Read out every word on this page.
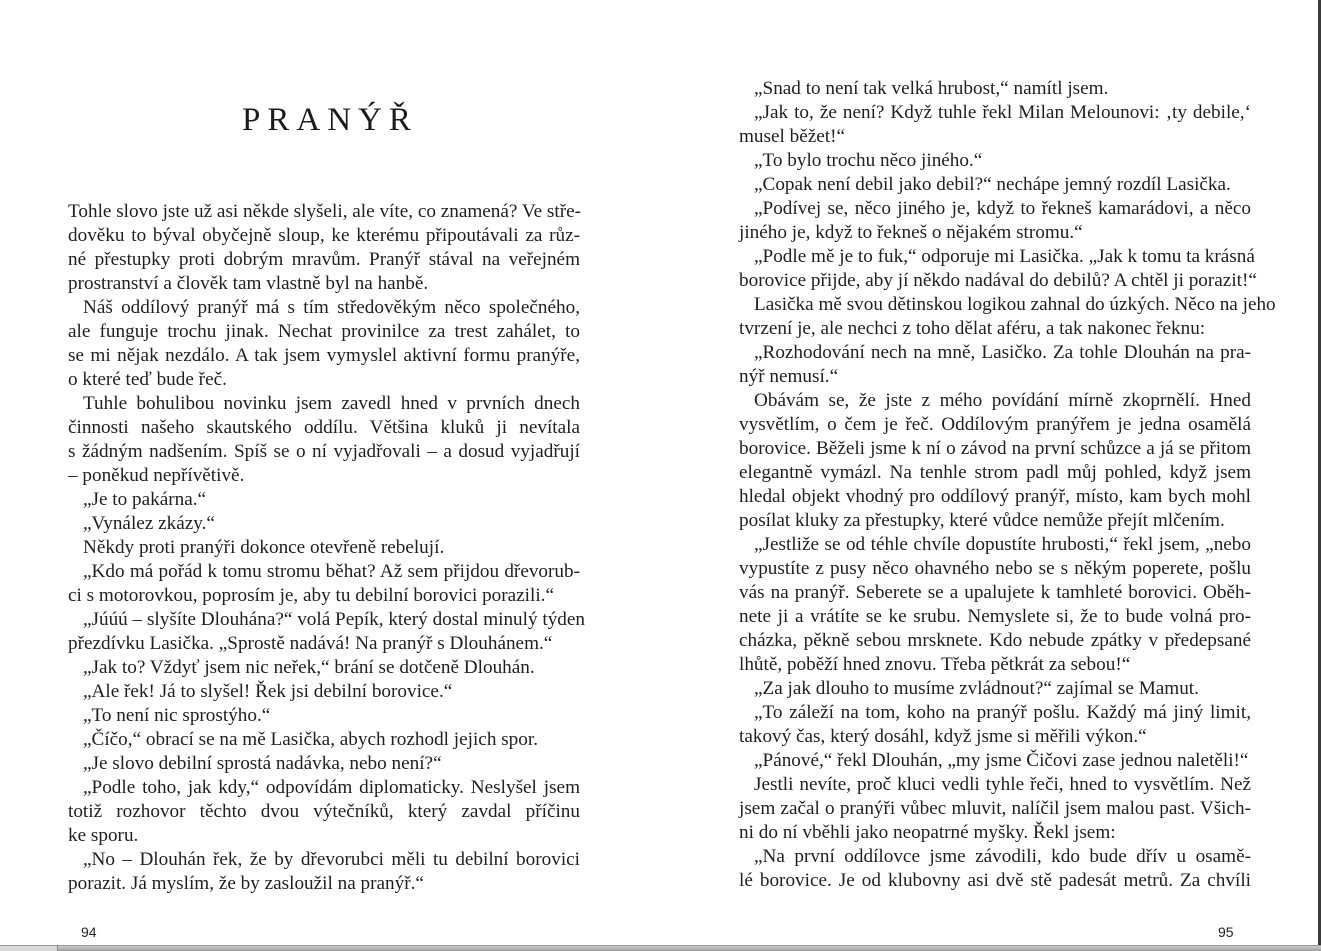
PRANÝŘ
Tohle slovo jste už asi někde slyšeli, ale víte, co znamená? Ve stře-
dověku to býval obyčejně sloup, ke kterému připoutávali za růz-
né přestupky proti dobrým mravům. Pranýř stával na veřejném
prostranství a člověk tam vlastně byl na hanbě.
Náš oddílový pranýř má s tím středověkým něco společného,
ale funguje trochu jinak. Nechat provinilce za trest zahálet, to
se mi nějak nezdálo. A tak jsem vymyslel aktivní formu pranýře,
o které teď bude řeč.
Tuhle bohulibou novinku jsem zavedl hned v prvních dnech
činnosti našeho skautského oddílu. Většina kluků ji nevítala
s žádným nadšením. Spíš se o ní vyjadřovali – a dosud vyjadřují
– poněkud nepřívětivě.
„Je to pakárna.“
„Vynález zkázy.“
Někdy proti pranýři dokonce otevřeně rebelují.
„Kdo má pořád k tomu stromu běhat? Až sem přijdou dřevorub-
ci s motorovkou, poprosím je, aby tu debilní borovici porazili.“
„Júúú – slyšíte Dlouhána?“ volá Pepík, který dostal minulý týden
přezdívku Lasička. „Sprostě nadává! Na pranýř s Dlouhánem.“
„Jak to? Vždyť jsem nic neřek,“ brání se dotčeně Dlouhán.
„Ale řek! Já to slyšel! Řek jsi debilní borovice.“
„To není nic sprostýho.“
„Číčo,“ obrací se na mě Lasička, abych rozhodl jejich spor.
„Je slovo debilní sprostá nadávka, nebo není?“
„Podle toho, jak kdy,“ odpovídám diplomaticky. Neslyšel jsem
totiž rozhovor těchto dvou výtečníků, který zavdal příčinu
ke sporu.
„No – Dlouhán řek, že by dřevorubci měli tu debilní borovici
porazit. Já myslím, že by zasloužil na pranýř.“
94
„Snad to není tak velká hrubost,“ namítl jsem.
„Jak to, že není? Když tuhle řekl Milan Melounovi: ‚ty debile,‘
musel běžet!“
„To bylo trochu něco jiného.“
„Copak není debil jako debil?“ nechápe jemný rozdíl Lasička.
„Podívej se, něco jiného je, když to řekneš kamarádovi, a něco
jiného je, když to řekneš o nějakém stromu.“
„Podle mě je to fuk,“ odporuje mi Lasička. „Jak k tomu ta krásná
borovice přijde, aby jí někdo nadával do debilů? A chtěl ji porazit!“
Lasička mě svou dětinskou logikou zahnal do úzkých. Něco na jeho
tvrzení je, ale nechci z toho dělat aféru, a tak nakonec řeknu:
„Rozhodování nech na mně, Lasičko. Za tohle Dlouhán na pra-
nýř nemusí.“
Obávám se, že jste z mého povídání mírně zkoprnělí. Hned
vysvětlím, o čem je řeč. Oddílovým pranýřem je jedna osamělá
borovice. Běželi jsme k ní o závod na první schůzce a já se přitom
elegantně vymázl. Na tenhle strom padl můj pohled, když jsem
hledal objekt vhodný pro oddílový pranýř, místo, kam bych mohl
posílat kluky za přestupky, které vůdce nemůže přejít mlčením.
„Jestliže se od téhle chvíle dopustíte hrubosti,“ řekl jsem, „nebo
vypustíte z pusy něco ohavného nebo se s někým poperete, pošlu
vás na pranýř. Seberete se a upalujete k tamhleté borovici. Oběh-
nete ji a vrátíte se ke srubu. Nemyslete si, že to bude volná pro-
cházka, pěkně sebou mrsknete. Kdo nebude zpátky v předepsané
lhůtě, poběží hned znovu. Třeba pětkrát za sebou!“
„Za jak dlouho to musíme zvládnout?“ zajímal se Mamut.
„To záleží na tom, koho na pranýř pošlu. Každý má jiný limit,
takový čas, který dosáhl, když jsme si měřili výkon.“
„Pánové,“ řekl Dlouhán, „my jsme Čičovi zase jednou naletěli!“
Jestli nevíte, proč kluci vedli tyhle řeči, hned to vysvětlím. Než
jsem začal o pranýři vůbec mluvit, nalíčil jsem malou past. Všich-
ni do ní vběhli jako neopatrné myšky. Řekl jsem:
„Na první oddílovce jsme závodili, kdo bude dřív u osamě-
lé borovice. Je od klubovny asi dvě stě padesát metrů. Za chvíli
95
